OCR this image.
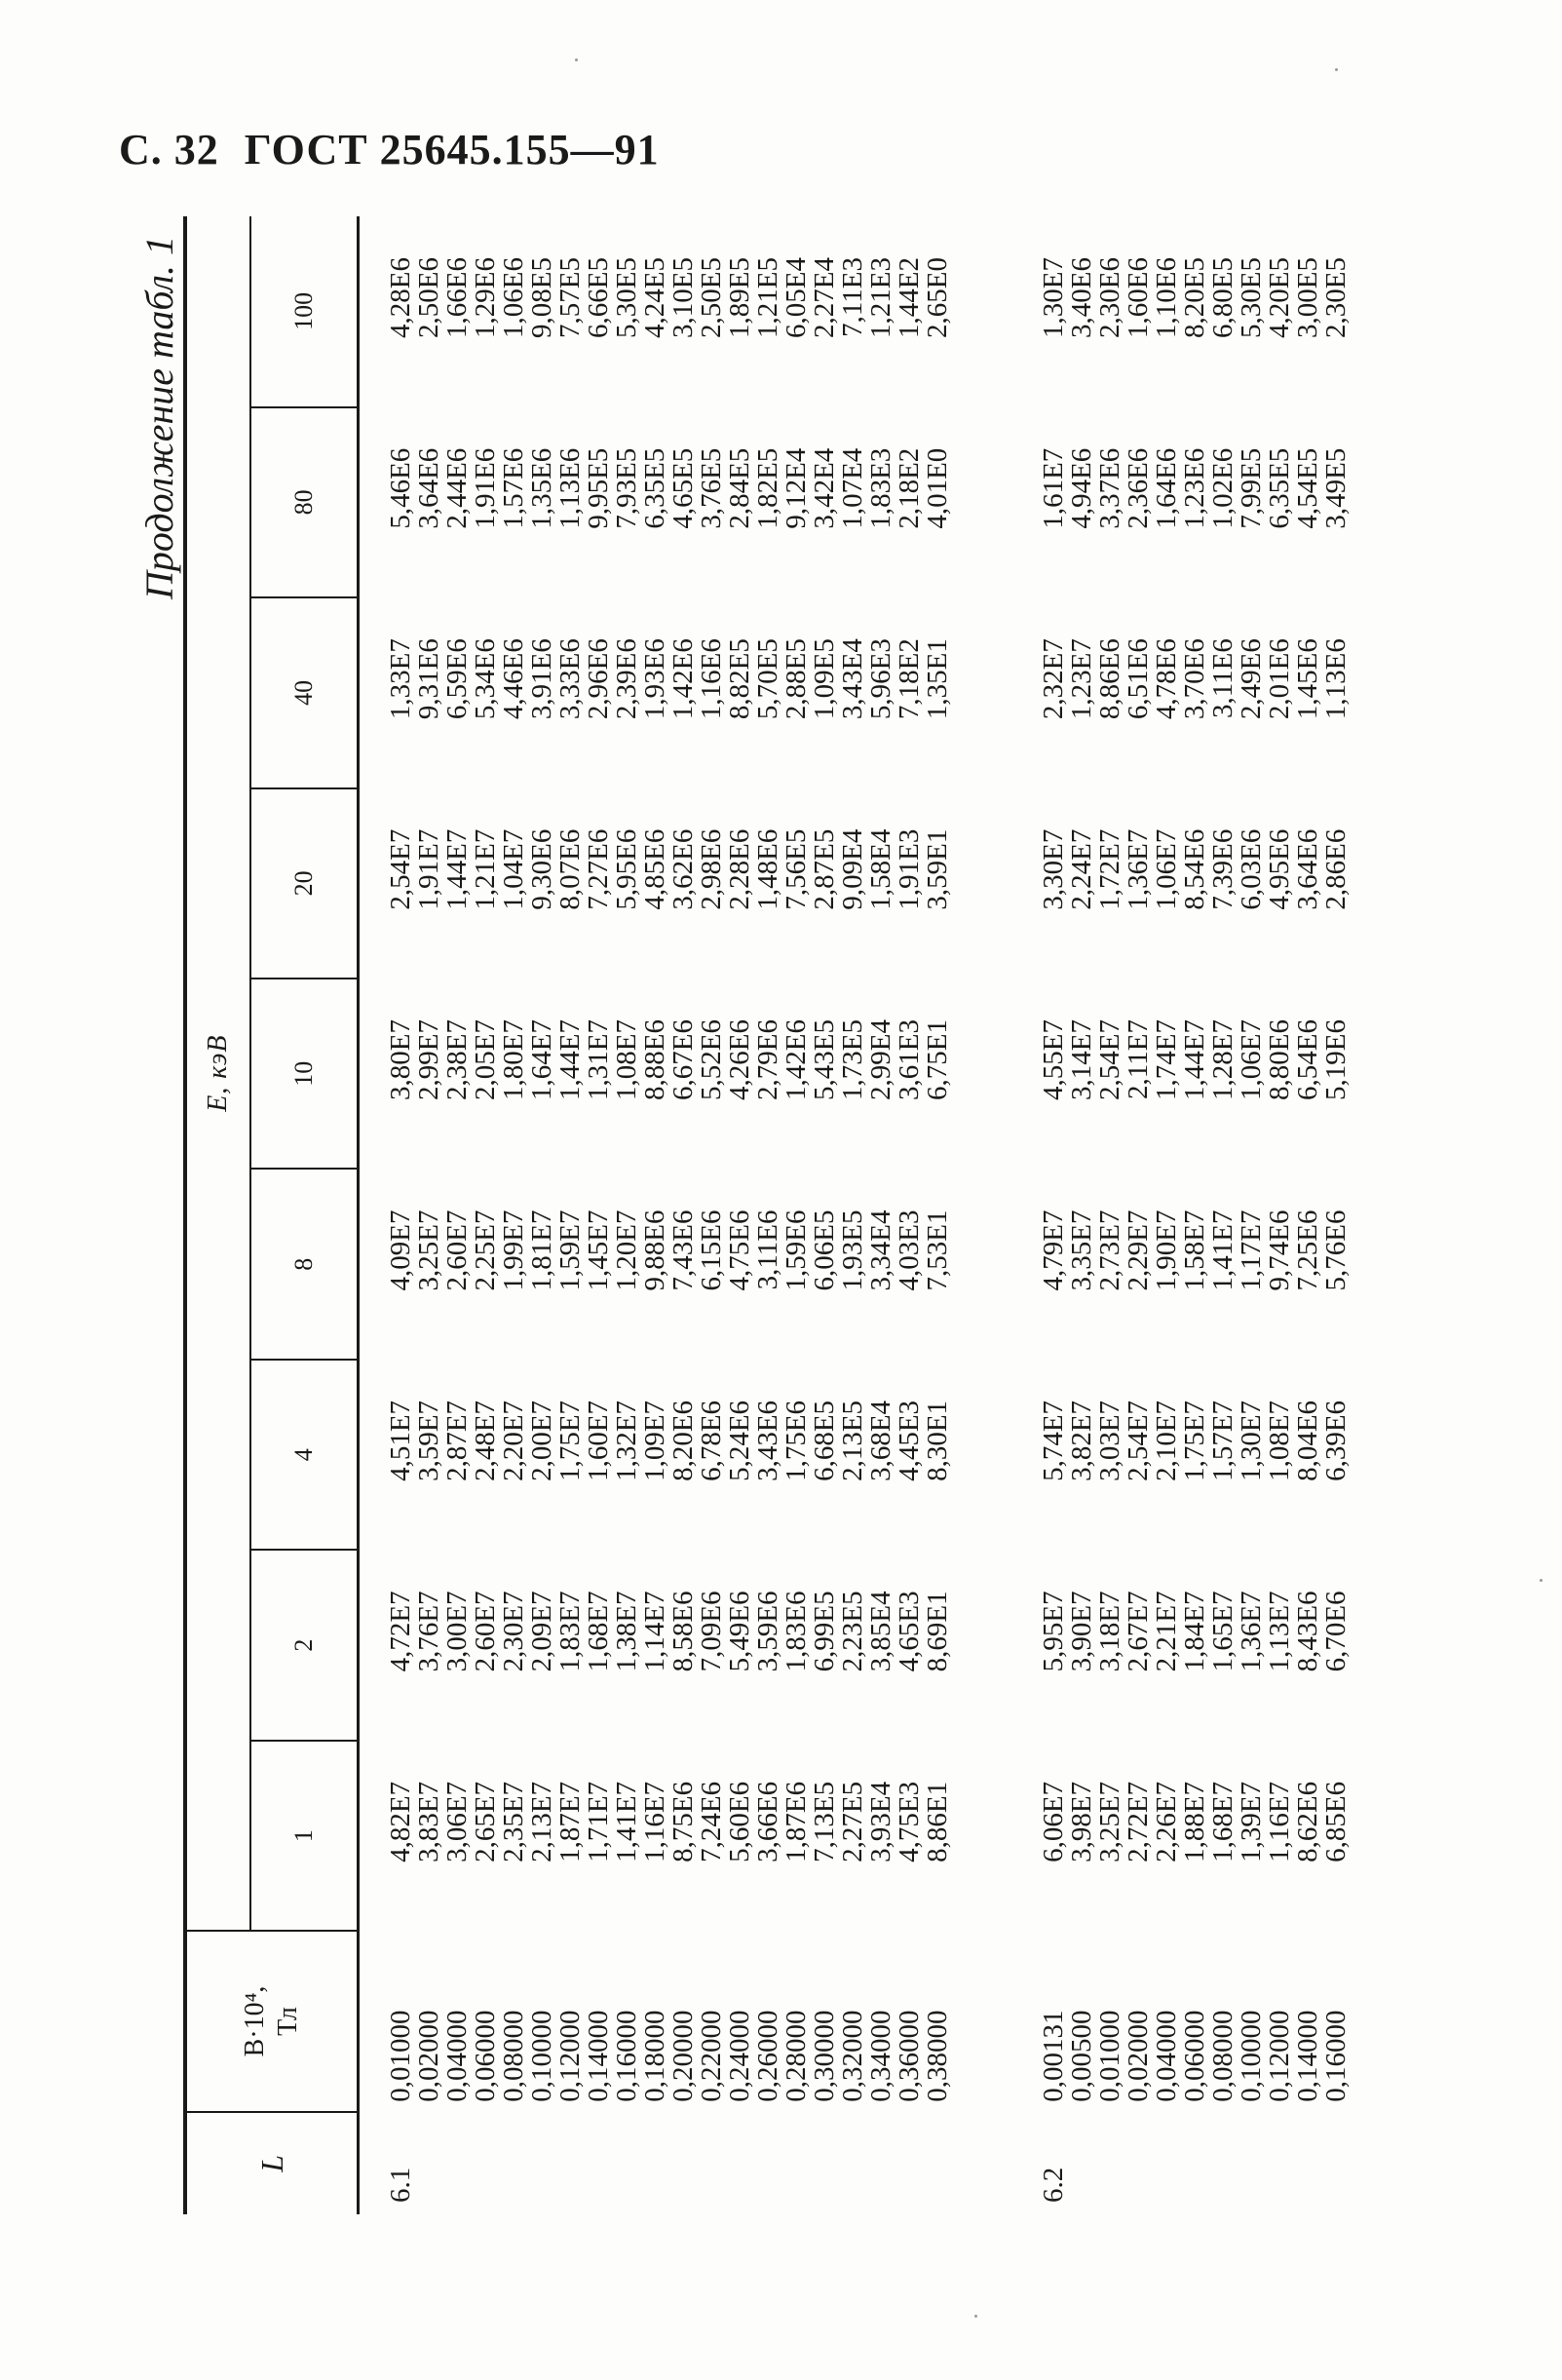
С. 32 ГОСТ 25645.155—91
Продолжение табл. 1
L	B·10⁴, Тл	E, кэВ								
		1	2	4	8	10	20	40	80	100
6.1	0,01000	4,82E7	4,72E7	4,51E7	4,09E7	3,80E7	2,54E7	1,33E7	5,46E6	4,28E6
	0,02000	3,83E7	3,76E7	3,59E7	3,25E7	2,99E7	1,91E7	9,31E6	3,64E6	2,50E6
	0,04000	3,06E7	3,00E7	2,87E7	2,60E7	2,38E7	1,44E7	6,59E6	2,44E6	1,66E6
	0,06000	2,65E7	2,60E7	2,48E7	2,25E7	2,05E7	1,21E7	5,34E6	1,91E6	1,29E6
	0,08000	2,35E7	2,30E7	2,20E7	1,99E7	1,80E7	1,04E7	4,46E6	1,57E6	1,06E6
	0,10000	2,13E7	2,09E7	2,00E7	1,81E7	1,64E7	9,30E6	3,91E6	1,35E6	9,08E5
	0,12000	1,87E7	1,83E7	1,75E7	1,59E7	1,44E7	8,07E6	3,33E6	1,13E6	7,57E5
	0,14000	1,71E7	1,68E7	1,60E7	1,45E7	1,31E7	7,27E6	2,96E6	9,95E5	6,66E5
	0,16000	1,41E7	1,38E7	1,32E7	1,20E7	1,08E7	5,95E6	2,39E6	7,93E5	5,30E5
	0,18000	1,16E7	1,14E7	1,09E7	9,88E6	8,88E6	4,85E6	1,93E6	6,35E5	4,24E5
	0,20000	8,75E6	8,58E6	8,20E6	7,43E6	6,67E6	3,62E6	1,42E6	4,65E5	3,10E5
	0,22000	7,24E6	7,09E6	6,78E6	6,15E6	5,52E6	2,98E6	1,16E6	3,76E5	2,50E5
	0,24000	5,60E6	5,49E6	5,24E6	4,75E6	4,26E6	2,28E6	8,82E5	2,84E5	1,89E5
	0,26000	3,66E6	3,59E6	3,43E6	3,11E6	2,79E6	1,48E6	5,70E5	1,82E5	1,21E5
	0,28000	1,87E6	1,83E6	1,75E6	1,59E6	1,42E6	7,56E5	2,88E5	9,12E4	6,05E4
	0,30000	7,13E5	6,99E5	6,68E5	6,06E5	5,43E5	2,87E5	1,09E5	3,42E4	2,27E4
	0,32000	2,27E5	2,23E5	2,13E5	1,93E5	1,73E5	9,09E4	3,43E4	1,07E4	7,11E3
	0,34000	3,93E4	3,85E4	3,68E4	3,34E4	2,99E4	1,58E4	5,96E3	1,83E3	1,21E3
	0,36000	4,75E3	4,65E3	4,45E3	4,03E3	3,61E3	1,91E3	7,18E2	2,18E2	1,44E2
	0,38000	8,86E1	8,69E1	8,30E1	7,53E1	6,75E1	3,59E1	1,35E1	4,01E0	2,65E0

6.2	0,00131	6,06E7	5,95E7	5,74E7	4,79E7	4,55E7	3,30E7	2,32E7	1,61E7	1,30E7
	0,00500	3,98E7	3,90E7	3,82E7	3,35E7	3,14E7	2,24E7	1,23E7	4,94E6	3,40E6
	0,01000	3,25E7	3,18E7	3,03E7	2,73E7	2,54E7	1,72E7	8,86E6	3,37E6	2,30E6
	0,02000	2,72E7	2,67E7	2,54E7	2,29E7	2,11E7	1,36E7	6,51E6	2,36E6	1,60E6
	0,04000	2,26E7	2,21E7	2,10E7	1,90E7	1,74E7	1,06E7	4,78E6	1,64E6	1,10E6
	0,06000	1,88E7	1,84E7	1,75E7	1,58E7	1,44E7	8,54E6	3,70E6	1,23E6	8,20E5
	0,08000	1,68E7	1,65E7	1,57E7	1,41E7	1,28E7	7,39E6	3,11E6	1,02E6	6,80E5
	0,10000	1,39E7	1,36E7	1,30E7	1,17E7	1,06E7	6,03E6	2,49E6	7,99E5	5,30E5
	0,12000	1,16E7	1,13E7	1,08E7	9,74E6	8,80E6	4,95E6	2,01E6	6,35E5	4,20E5
	0,14000	8,62E6	8,43E6	8,04E6	7,25E6	6,54E6	3,64E6	1,45E6	4,54E5	3,00E5
	0,16000	6,85E6	6,70E6	6,39E6	5,76E6	5,19E6	2,86E6	1,13E6	3,49E5	2,30E5
